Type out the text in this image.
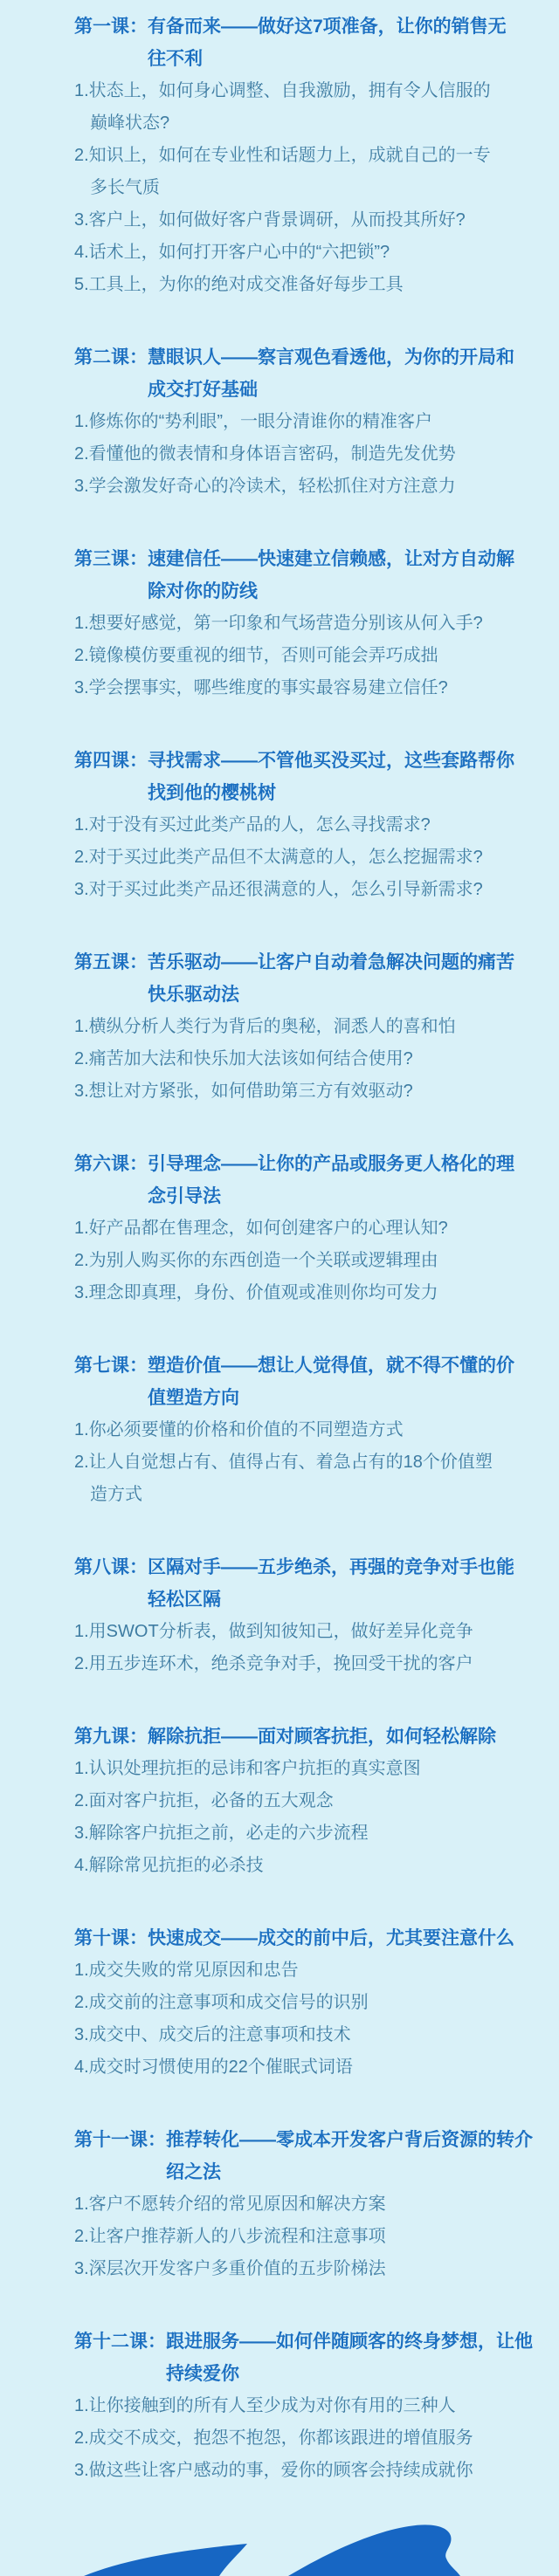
第一课： 有备而来——做好这7项准备，让你的销售无往不利

1.状态上，如何身心调整、自我激励，拥有令人信服的巅峰状态?

2.知识上，如何在专业性和话题力上，成就自己的一专多长气质

3.客户上，如何做好客户背景调研，从而投其所好?

4.话术上，如何打开客户心中的“六把锁”?

5.工具上，为你的绝对成交准备好每步工具

第二课： 慧眼识人——察言观色看透他，为你的开局和成交打好基础

1.修炼你的“势利眼”，一眼分清谁你的精准客户

2.看懂他的微表情和身体语言密码，制造先发优势

3.学会激发好奇心的冷读术，轻松抓住对方注意力

第三课： 速建信任——快速建立信赖感，让对方自动解除对你的防线

1.想要好感觉，第一印象和气场营造分别该从何入手?

2.镜像模仿要重视的细节，否则可能会弄巧成拙

3.学会摆事实，哪些维度的事实最容易建立信任?

第四课： 寻找需求——不管他买没买过，这些套路帮你找到他的樱桃树

1.对于没有买过此类产品的人，怎么寻找需求?

2.对于买过此类产品但不太满意的人，怎么挖掘需求?

3.对于买过此类产品还很满意的人，怎么引导新需求?

第五课： 苦乐驱动——让客户自动着急解决问题的痛苦快乐驱动法

1.横纵分析人类行为背后的奥秘，洞悉人的喜和怕

2.痛苦加大法和快乐加大法该如何结合使用?

3.想让对方紧张，如何借助第三方有效驱动?

第六课： 引导理念——让你的产品或服务更人格化的理念引导法

1.好产品都在售理念，如何创建客户的心理认知?

2.为别人购买你的东西创造一个关联或逻辑理由

3.理念即真理，身份、价值观或准则你均可发力

第七课： 塑造价值——想让人觉得值，就不得不懂的价值塑造方向

1.你必须要懂的价格和价值的不同塑造方式

2.让人自觉想占有、值得占有、着急占有的18个价值塑造方式

第八课： 区隔对手——五步绝杀，再强的竞争对手也能轻松区隔

1.用SWOT分析表，做到知彼知己，做好差异化竞争

2.用五步连环术，绝杀竞争对手，挽回受干扰的客户

第九课： 解除抗拒——面对顾客抗拒，如何轻松解除

1.认识处理抗拒的忌讳和客户抗拒的真实意图

2.面对客户抗拒，必备的五大观念

3.解除客户抗拒之前，必走的六步流程

4.解除常见抗拒的必杀技

第十课： 快速成交——成交的前中后，尤其要注意什么

1.成交失败的常见原因和忠告

2.成交前的注意事项和成交信号的识别

3.成交中、成交后的注意事项和技术

4.成交时习惯使用的22个催眠式词语

第十一课： 推荐转化——零成本开发客户背后资源的转介绍之法

1.客户不愿转介绍的常见原因和解决方案

2.让客户推荐新人的八步流程和注意事项

3.深层次开发客户多重价值的五步阶梯法

第十二课： 跟进服务——如何伴随顾客的终身梦想，让他持续爱你

1.让你接触到的所有人至少成为对你有用的三种人

2.成交不成交，抱怨不抱怨，你都该跟进的增值服务

3.做这些让客户感动的事，爱你的顾客会持续成就你
